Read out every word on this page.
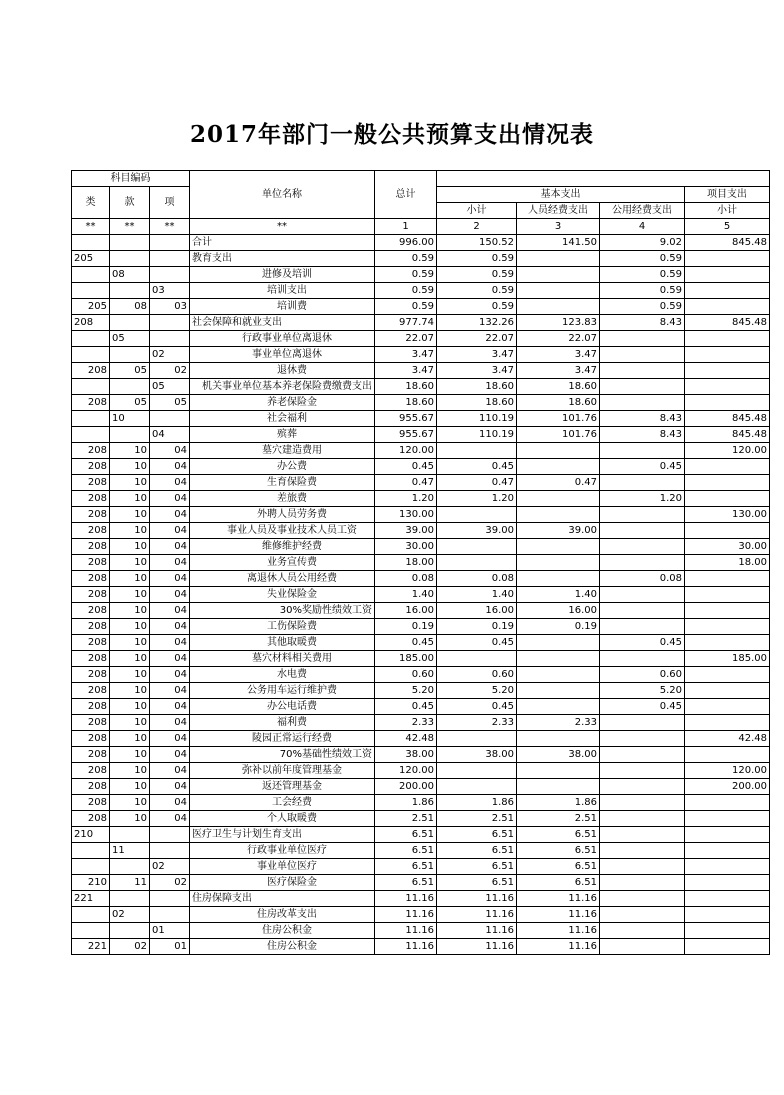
2017年部门一般公共预算支出情况表
科目编码			单位名称	总计				
类	款	项			基本支出			项目支出
					小计	人员经费支出	公用经费支出	小计
**	**	**	**	1	2	3	4	5

			合计	996.00	150.52	141.50	9.02	845.48
205			教育支出	0.59	0.59		0.59	
	08		进修及培训	0.59	0.59		0.59	
		03	培训支出	0.59	0.59		0.59	
205	08	03	培训费	0.59	0.59		0.59	
208			社会保障和就业支出	977.74	132.26	123.83	8.43	845.48
	05		行政事业单位离退休	22.07	22.07	22.07		
		02	事业单位离退休	3.47	3.47	3.47		
208	05	02	退休费	3.47	3.47	3.47		
		05	机关事业单位基本养老保险费缴费支出	18.60	18.60	18.60		
208	05	05	养老保险金	18.60	18.60	18.60		
	10		社会福利	955.67	110.19	101.76	8.43	845.48
		04	殡葬	955.67	110.19	101.76	8.43	845.48
208	10	04	墓穴建造费用	120.00				120.00
208	10	04	办公费	0.45	0.45		0.45	
208	10	04	生育保险费	0.47	0.47	0.47		
208	10	04	差旅费	1.20	1.20		1.20	
208	10	04	外聘人员劳务费	130.00				130.00
208	10	04	事业人员及事业技术人员工资	39.00	39.00	39.00		
208	10	04	维修维护经费	30.00				30.00
208	10	04	业务宣传费	18.00				18.00
208	10	04	离退休人员公用经费	0.08	0.08		0.08	
208	10	04	失业保险金	1.40	1.40	1.40		
208	10	04	30%奖励性绩效工资	16.00	16.00	16.00		
208	10	04	工伤保险费	0.19	0.19	0.19		
208	10	04	其他取暖费	0.45	0.45		0.45	
208	10	04	墓穴材料相关费用	185.00				185.00
208	10	04	水电费	0.60	0.60		0.60	
208	10	04	公务用车运行维护费	5.20	5.20		5.20	
208	10	04	办公电话费	0.45	0.45		0.45	
208	10	04	福利费	2.33	2.33	2.33		
208	10	04	陵园正常运行经费	42.48				42.48
208	10	04	70%基础性绩效工资	38.00	38.00	38.00		
208	10	04	弥补以前年度管理基金	120.00				120.00
208	10	04	返还管理基金	200.00				200.00
208	10	04	工会经费	1.86	1.86	1.86		
208	10	04	个人取暖费	2.51	2.51	2.51		
210			医疗卫生与计划生育支出	6.51	6.51	6.51		
	11		行政事业单位医疗	6.51	6.51	6.51		
		02	事业单位医疗	6.51	6.51	6.51		
210	11	02	医疗保险金	6.51	6.51	6.51		
221			住房保障支出	11.16	11.16	11.16		
	02		住房改革支出	11.16	11.16	11.16		
		01	住房公积金	11.16	11.16	11.16		
221	02	01	住房公积金	11.16	11.16	11.16		
